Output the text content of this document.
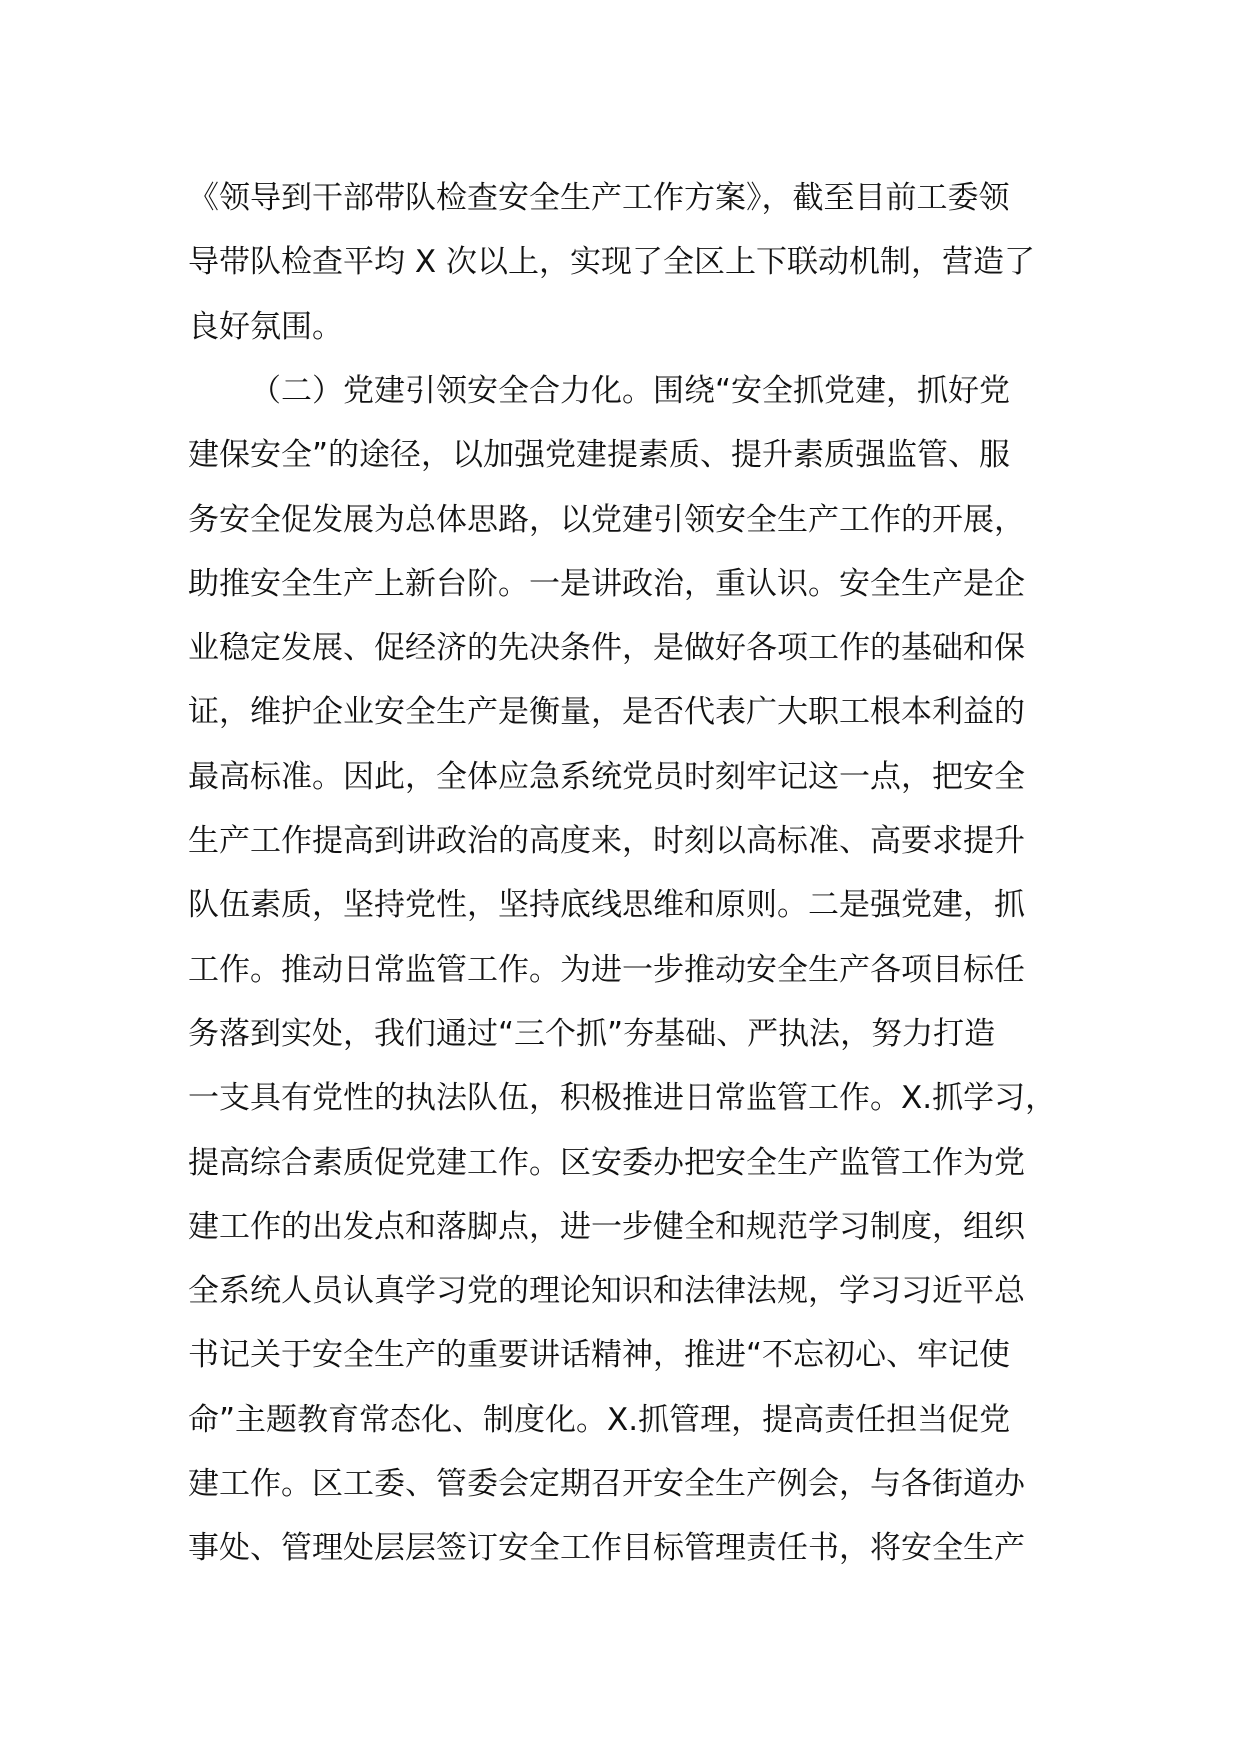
《领导到干部带队检查安全生产工作方案》，截至目前工委领
导带队检查平均 X 次以上，实现了全区上下联动机制，营造了
良好氛围。
（二）党建引领安全合力化。围绕“安全抓党建，抓好党
建保安全”的途径，以加强党建提素质、提升素质强监管、服
务安全促发展为总体思路，以党建引领安全生产工作的开展，
助推安全生产上新台阶。一是讲政治，重认识。安全生产是企
业稳定发展、促经济的先决条件，是做好各项工作的基础和保
证，维护企业安全生产是衡量，是否代表广大职工根本利益的
最高标准。因此，全体应急系统党员时刻牢记这一点，把安全
生产工作提高到讲政治的高度来，时刻以高标准、高要求提升
队伍素质，坚持党性，坚持底线思维和原则。二是强党建，抓
工作。推动日常监管工作。为进一步推动安全生产各项目标任
务落到实处，我们通过“三个抓”夯基础、严执法，努力打造
一支具有党性的执法队伍，积极推进日常监管工作。X.抓学习，
提高综合素质促党建工作。区安委办把安全生产监管工作为党
建工作的出发点和落脚点，进一步健全和规范学习制度，组织
全系统人员认真学习党的理论知识和法律法规，学习习近平总
书记关于安全生产的重要讲话精神，推进“不忘初心、牢记使
命”主题教育常态化、制度化。X.抓管理，提高责任担当促党
建工作。区工委、管委会定期召开安全生产例会，与各街道办
事处、管理处层层签订安全工作目标管理责任书，将安全生产
